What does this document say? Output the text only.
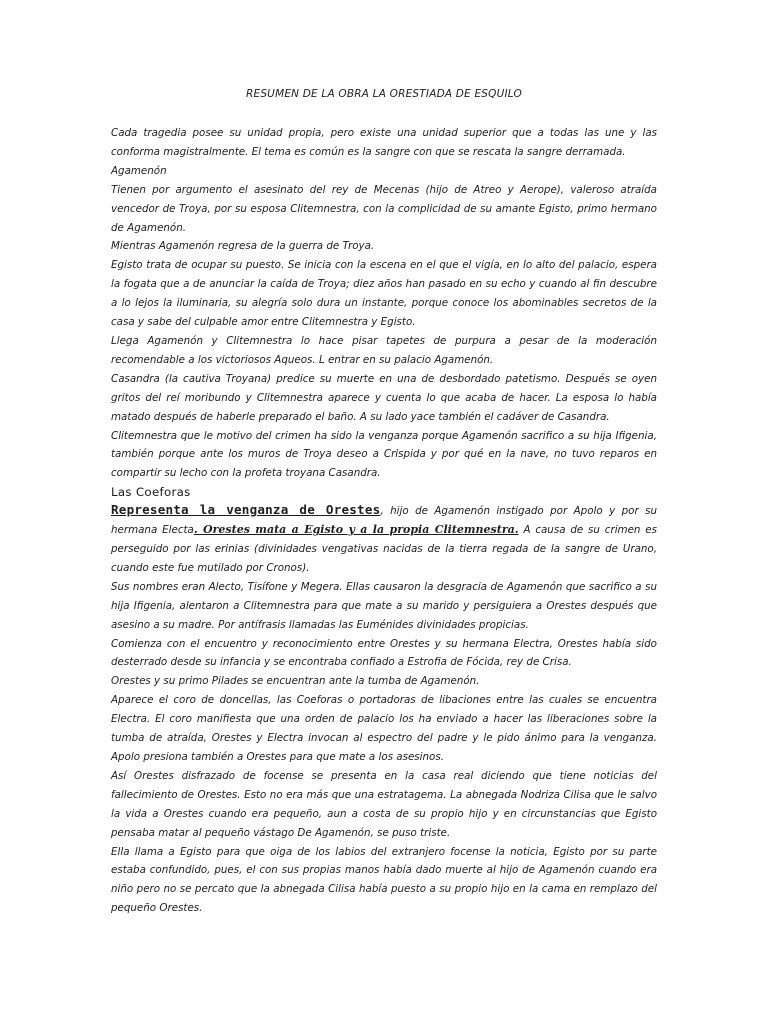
RESUMEN DE LA OBRA LA ORESTIADA DE ESQUILO

Cada tragedia posee su unidad propia, pero existe una unidad superior que a todas las une y las conforma magistralmente. El tema es común es la sangre con que se rescata la sangre derramada.

Agamenón

Tienen por argumento el asesinato del rey de Mecenas (hijo de Atreo y Aerope), valeroso atraída vencedor de Troya, por su esposa Clitemnestra, con la complicidad de su amante Egisto, primo hermano de Agamenón.

Mientras Agamenón regresa de la guerra de Troya.

Egisto trata de ocupar su puesto. Se inicia con la escena en el que el vigía, en lo alto del palacio, espera la fogata que a de anunciar la caída de Troya; diez años han pasado en su echo y cuando al fin descubre a lo lejos la iluminaria, su alegría solo dura un instante, porque conoce los abominables secretos de la casa y sabe del culpable amor entre Clitemnestra y Egisto.

Llega Agamenón y Clitemnestra lo hace pisar tapetes de purpura a pesar de la moderación recomendable a los victoriosos Aqueos. L entrar en su palacio Agamenón.

Casandra (la cautiva Troyana) predice su muerte en una de desbordado patetismo. Después se oyen gritos del reí moribundo y Clitemnestra aparece y cuenta lo que acaba de hacer. La esposa lo había matado después de haberle preparado el baño. A su lado yace también el cadáver de Casandra.

Clitemnestra que le motivo del crimen ha sido la venganza porque Agamenón sacrifico a su hija Ifigenia, también porque ante los muros de Troya deseo a Crispida y por qué en la nave, no tuvo reparos en compartir su lecho con la profeta troyana Casandra.

Las Coeforas

Representa la venganza de Orestes, hijo de Agamenón instigado por Apolo y por su hermana Electa. Orestes mata a Egisto y a la propia Clitemnestra. A causa de su crimen es perseguido por las erinias (divinidades vengativas nacidas de la tierra regada de la sangre de Urano, cuando este fue mutilado por Cronos).

Sus nombres eran Alecto, Tisífone y Megera. Ellas causaron la desgracia de Agamenón que sacrifico a su hija Ifigenia, alentaron a Clitemnestra para que mate a su marido y persiguiera a Orestes después que asesino a su madre. Por antífrasis llamadas las Euménides divinidades propicias.

Comienza con el encuentro y reconocimiento entre Orestes y su hermana Electra, Orestes había sido desterrado desde su infancia y se encontraba confiado a Estrofia de Fócida, rey de Crisa.

Orestes y su primo Pilades se encuentran ante la tumba de Agamenón.

Aparece el coro de doncellas, las Coeforas o portadoras de libaciones entre las cuales se encuentra Electra. El coro manifiesta que una orden de palacio los ha enviado a hacer las liberaciones sobre la tumba de atraída, Orestes y Electra invocan al espectro del padre y le pido ánimo para la venganza. Apolo presiona también a Orestes para que mate a los asesinos.

Así Orestes disfrazado de focense se presenta en la casa real diciendo que tiene noticias del fallecimiento de Orestes. Esto no era más que una estratagema. La abnegada Nodriza Cilisa que le salvo la vida a Orestes cuando era pequeño, aun a costa de su propio hijo y en circunstancias que Egisto pensaba matar al pequeño vástago De Agamenón, se puso triste.

Ella llama a Egisto para que oiga de los labios del extranjero focense la noticia, Egisto por su parte estaba confundido, pues, el con sus propias manos había dado muerte al hijo de Agamenón cuando era niño pero no se percato que la abnegada Cilisa había puesto a su propio hijo en la cama en remplazo del pequeño Orestes.
